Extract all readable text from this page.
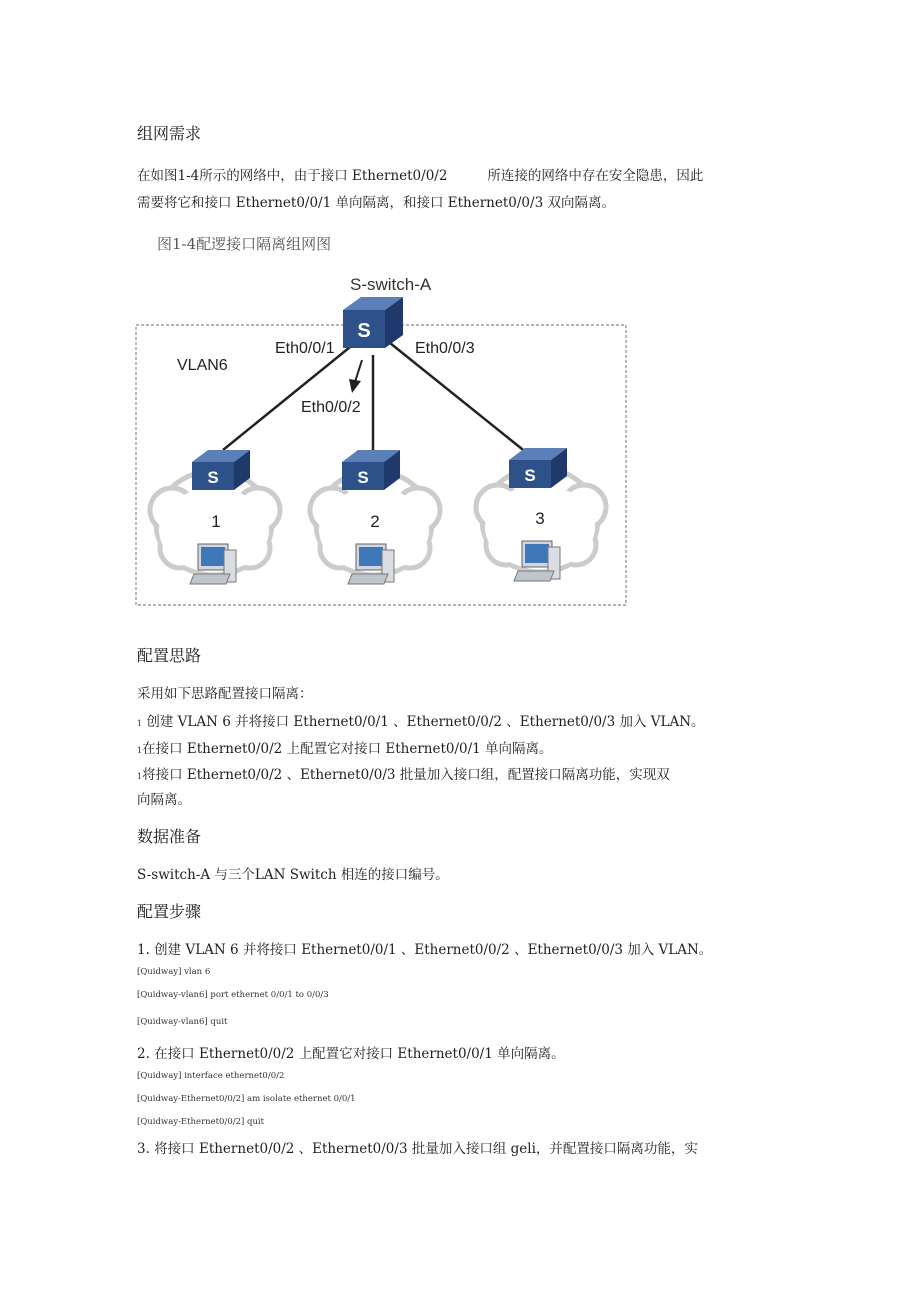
组网需求
在如图1-4所示的网络中，由于接口 Ethernet0/0/2	所连接的网络中存在安全隐患，因此
需要将它和接口 Ethernet0/0/1 单向隔离，和接口 Ethernet0/0/3 双向隔离。
图1-4配逻接口隔离组网图
S
S	S	S
1	2	3
S-switch-A
VLAN6
Eth0/0/1
Eth0/0/2
Eth0/0/3
配置思路
采用如下思路配置接口隔离：
1 创建 VLAN 6 并将接口 Ethernet0/0/1 、Ethernet0/0/2 、Ethernet0/0/3 加入 VLAN。
1在接口 Ethernet0/0/2 上配置它对接口 Ethernet0/0/1 单向隔离。
1将接口 Ethernet0/0/2 、Ethernet0/0/3 批量加入接口组，配置接口隔离功能，实现双
向隔离。
数据准备
S-switch-A 与三个LAN Switch 相连的接口编号。
配置步骤
1. 创建 VLAN 6 并将接口 Ethernet0/0/1 、Ethernet0/0/2 、Ethernet0/0/3 加入 VLAN。
[Quidway] vlan 6
[Quidway-vlan6] port ethernet 0/0/1 to 0/0/3
[Quidway-vlan6] quit
2. 在接口 Ethernet0/0/2 上配置它对接口 Ethernet0/0/1 单向隔离。
[Quidway] interface ethernet0/0/2
[Quidway-Ethernet0/0/2] am isolate ethernet 0/0/1
[Quidway-Ethernet0/0/2] quit
3. 将接口 Ethernet0/0/2 、Ethernet0/0/3 批量加入接口组 geli，并配置接口隔离功能，实
